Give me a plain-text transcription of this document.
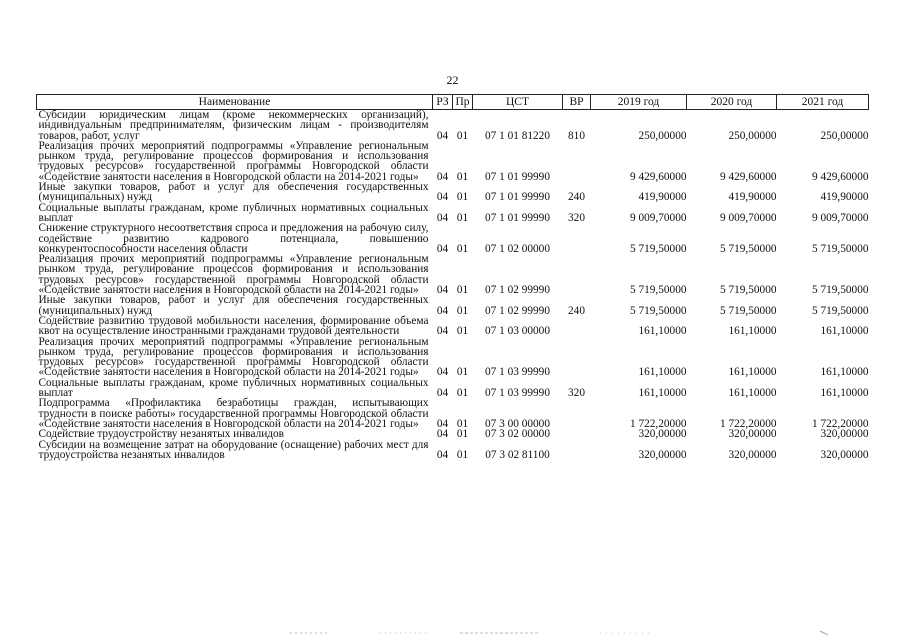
22
Наименование	РЗ	Пр	ЦСТ	ВР	2019 год	2020 год	2021 год
Субсидии юридическим лицам (кроме некоммерческих организаций), индивидуальным предпринимателям, физическим лицам - производителям товаров, работ, услуг	04	01	07 1 01 81220	810	250,00000	250,00000	250,00000
Реализация прочих мероприятий подпрограммы «Управление региональным рынком труда, регулирование процессов формирования и использования трудовых ресурсов» государственной программы Новгородской области «Содействие занятости населения в Новгородской области на 2014-2021 годы»	04	01	07 1 01 99990		9 429,60000	9 429,60000	9 429,60000
Иные закупки товаров, работ и услуг для обеспечения государственных (муниципальных) нужд	04	01	07 1 01 99990	240	419,90000	419,90000	419,90000
Социальные выплаты гражданам, кроме публичных нормативных социальных выплат	04	01	07 1 01 99990	320	9 009,70000	9 009,70000	9 009,70000
Снижение структурного несоответствия спроса и предложения на рабочую силу, содействие развитию кадрового потенциала, повышению конкурентоспособности населения области	04	01	07 1 02 00000		5 719,50000	5 719,50000	5 719,50000
Реализация прочих мероприятий подпрограммы «Управление региональным рынком труда, регулирование процессов формирования и использования трудовых ресурсов» государственной программы Новгородской области «Содействие занятости населения в Новгородской области на 2014-2021 годы»	04	01	07 1 02 99990		5 719,50000	5 719,50000	5 719,50000
Иные закупки товаров, работ и услуг для обеспечения государственных (муниципальных) нужд	04	01	07 1 02 99990	240	5 719,50000	5 719,50000	5 719,50000
Содействие развитию трудовой мобильности населения, формирование объема квот на осуществление иностранными гражданами трудовой деятельности	04	01	07 1 03 00000		161,10000	161,10000	161,10000
Реализация прочих мероприятий подпрограммы «Управление региональным рынком труда, регулирование процессов формирования и использования трудовых ресурсов» государственной программы Новгородской области «Содействие занятости населения в Новгородской области на 2014-2021 годы»	04	01	07 1 03 99990		161,10000	161,10000	161,10000
Социальные выплаты гражданам, кроме публичных нормативных социальных выплат	04	01	07 1 03 99990	320	161,10000	161,10000	161,10000
Подпрограмма «Профилактика безработицы граждан, испытывающих трудности в поиске работы» государственной программы Новгородской области «Содействие занятости населения в Новгородской области на 2014-2021 годы»	04	01	07 3 00 00000		1 722,20000	1 722,20000	1 722,20000
Содействие трудоустройству незанятых инвалидов	04	01	07 3 02 00000		320,00000	320,00000	320,00000
Субсидии на возмещение затрат на оборудование (оснащение) рабочих мест для трудоустройства незанятых инвалидов	04	01	07 3 02 81100		320,00000	320,00000	320,00000
